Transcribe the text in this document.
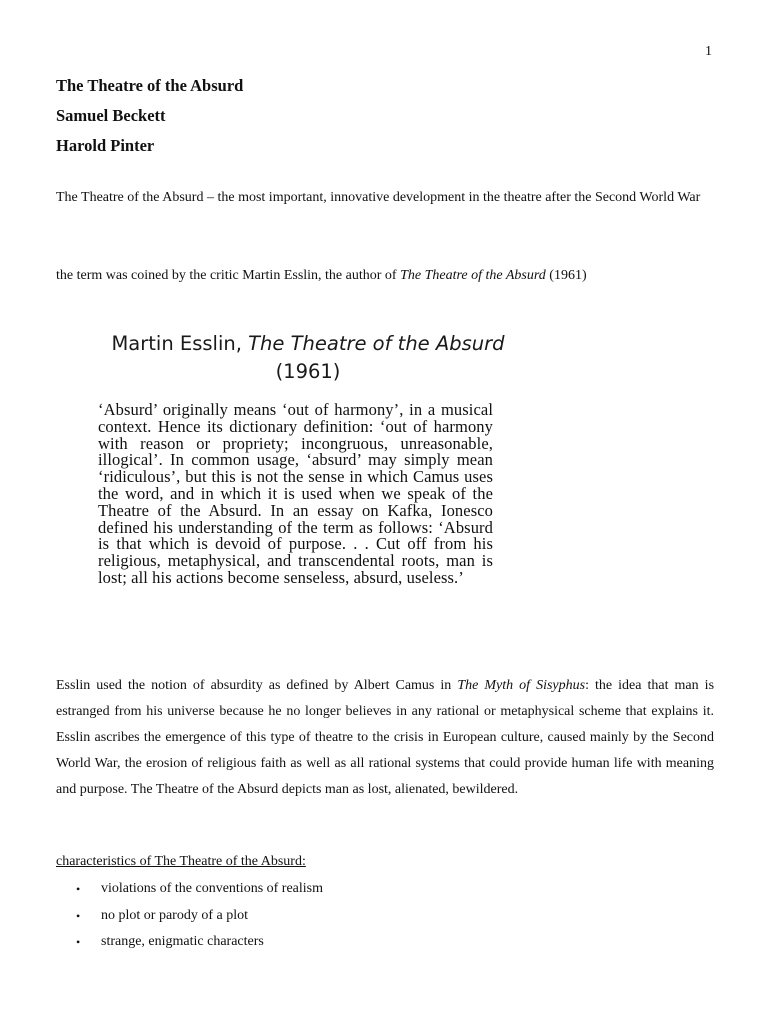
1
The Theatre of the Absurd
Samuel Beckett
Harold Pinter
The Theatre of the Absurd – the most important, innovative development in the theatre after the Second World War
the term was coined by the critic Martin Esslin, the author of The Theatre of the Absurd (1961)
Martin Esslin, The Theatre of the Absurd
(1961)
‘Absurd’ originally means ‘out of harmony’, in a musical context. Hence its dictionary definition: ‘out of harmony with reason or propriety; incongruous, unreasonable, illogical’. In common usage, ‘absurd’ may simply mean ‘ridiculous’, but this is not the sense in which Camus uses the word, and in which it is used when we speak of the Theatre of the Absurd. In an essay on Kafka, Ionesco defined his understanding of the term as follows: ‘Absurd is that which is devoid of purpose. . . Cut off from his religious, metaphysical, and transcendental roots, man is lost; all his actions become senseless, absurd, useless.’
Esslin used the notion of absurdity as defined by Albert Camus in The Myth of Sisyphus: the idea that man is estranged from his universe because he no longer believes in any rational or metaphysical scheme that explains it. Esslin ascribes the emergence of this type of theatre to the crisis in European culture, caused mainly by the Second World War, the erosion of religious faith as well as all rational systems that could provide human life with meaning and purpose. The Theatre of the Absurd depicts man as lost, alienated, bewildered.
characteristics of The Theatre of the Absurd:
• violations of the conventions of realism
• no plot or parody of a plot
• strange, enigmatic characters
